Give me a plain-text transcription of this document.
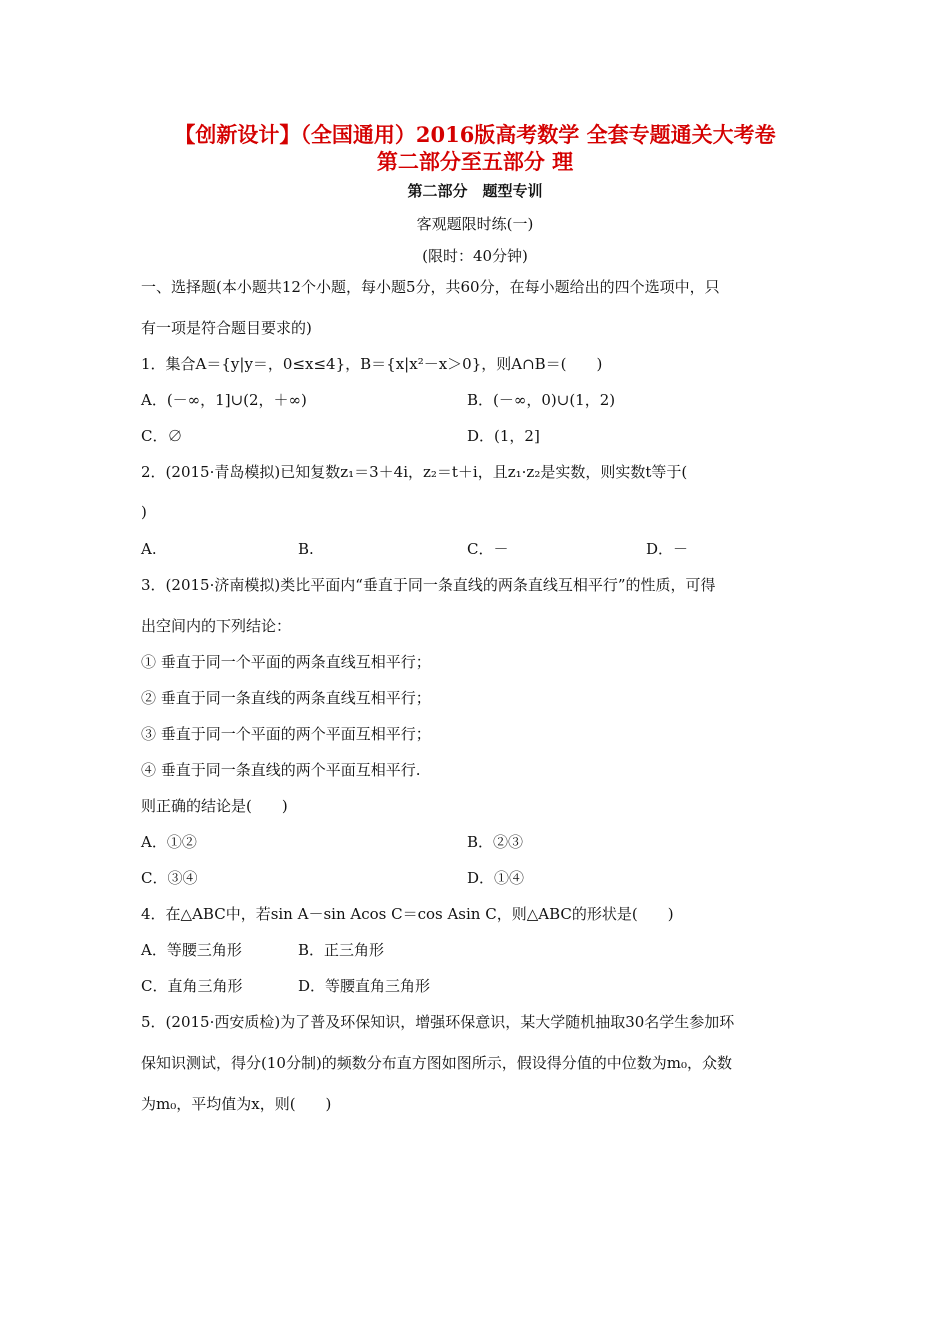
【创新设计】（全国通用）2016版高考数学 全套专题通关大考卷
第二部分至五部分 理
第二部分　题型专训
客观题限时练(一)
(限时：40分钟)
一、选择题(本小题共12个小题，每小题5分，共60分，在每小题给出的四个选项中，只
有一项是符合题目要求的)
1．集合A＝{y|y＝，0≤x≤4}，B＝{x|x²－x＞0}，则A∩B＝(　　)
A．(－∞，1]∪(2，＋∞)	B．(－∞，0)∪(1，2)
C．∅	D．(1，2]
2．(2015·青岛模拟)已知复数z₁＝3＋4i，z₂＝t＋i，且z₁·z₂是实数，则实数t等于(
)
A.	B.	C．－	D．－
3．(2015·济南模拟)类比平面内“垂直于同一条直线的两条直线互相平行”的性质，可得
出空间内的下列结论：
① 垂直于同一个平面的两条直线互相平行；
② 垂直于同一条直线的两条直线互相平行；
③ 垂直于同一个平面的两个平面互相平行；
④ 垂直于同一条直线的两个平面互相平行.
则正确的结论是(　　)
A．①②	B．②③
C．③④	D．①④
4．在△ABC中，若sin A－sin Acos C＝cos Asin C，则△ABC的形状是(　　)
A．等腰三角形	B．正三角形
C．直角三角形	D．等腰直角三角形
5．(2015·西安质检)为了普及环保知识，增强环保意识，某大学随机抽取30名学生参加环
保知识测试，得分(10分制)的频数分布直方图如图所示，假设得分值的中位数为m₀，众数
为m₀，平均值为x，则(　　)
